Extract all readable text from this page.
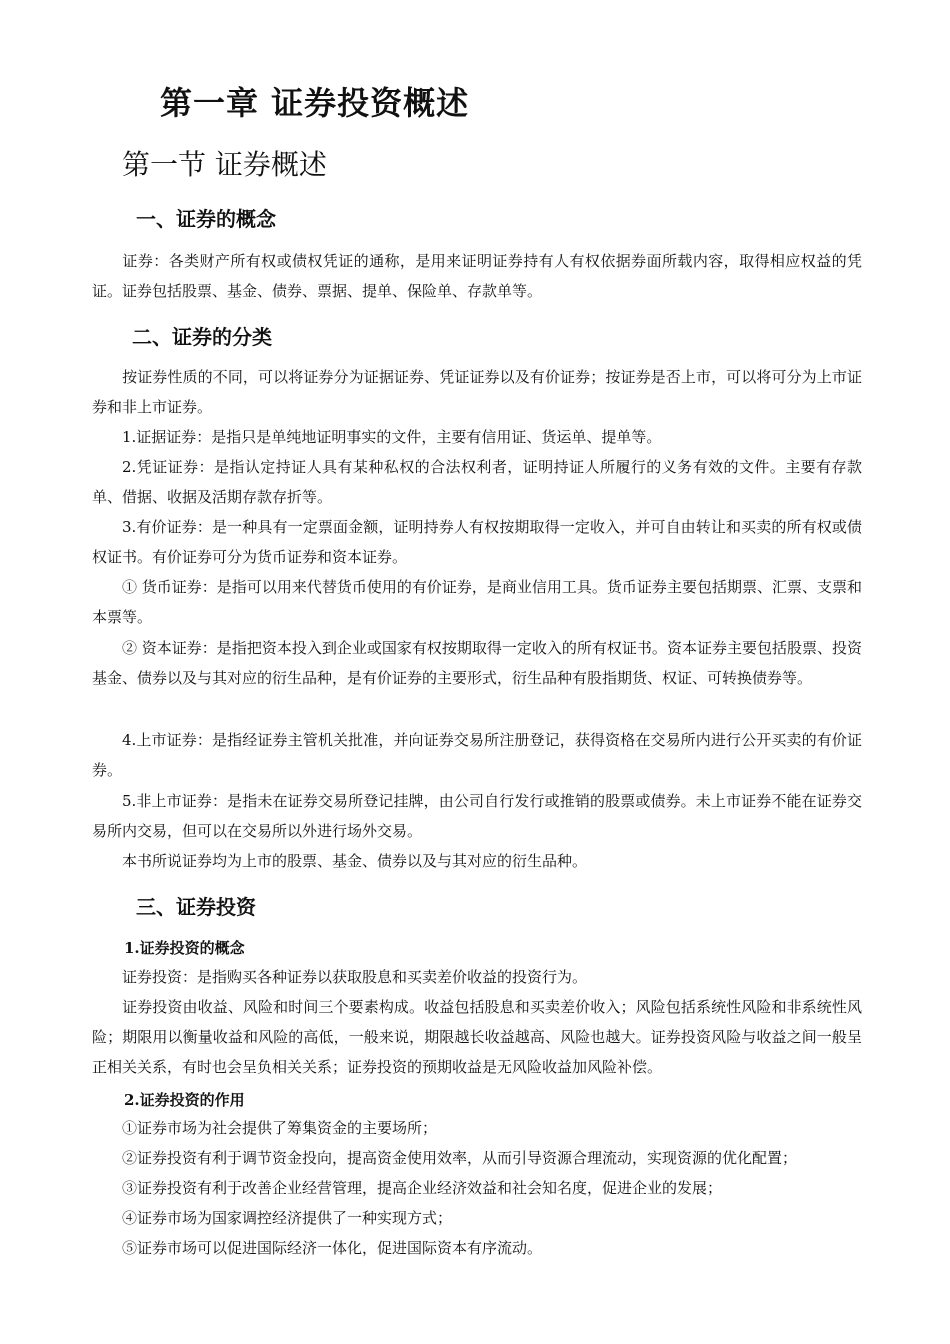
第一章 证券投资概述
第一节 证券概述
一、证券的概念

证券：各类财产所有权或债权凭证的通称，是用来证明证券持有人有权依据券面所载内容，取得相应权益的凭证。证券包括股票、基金、债券、票据、提单、保险单、存款单等。

二、证券的分类

按证券性质的不同，可以将证券分为证据证券、凭证证券以及有价证券；按证券是否上市，可以将可分为上市证券和非上市证券。

1.证据证券：是指只是单纯地证明事实的文件，主要有信用证、货运单、提单等。

2.凭证证券：是指认定持证人具有某种私权的合法权利者，证明持证人所履行的义务有效的文件。主要有存款单、借据、收据及活期存款存折等。

3.有价证券：是一种具有一定票面金额，证明持券人有权按期取得一定收入，并可自由转让和买卖的所有权或债权证书。有价证券可分为货币证券和资本证券。

① 货币证券：是指可以用来代替货币使用的有价证券，是商业信用工具。货币证券主要包括期票、汇票、支票和本票等。

② 资本证券：是指把资本投入到企业或国家有权按期取得一定收入的所有权证书。资本证券主要包括股票、投资基金、债券以及与其对应的衍生品种，是有价证券的主要形式，衍生品种有股指期货、权证、可转换债券等。

4.上市证券：是指经证券主管机关批准，并向证券交易所注册登记，获得资格在交易所内进行公开买卖的有价证券。

5.非上市证券：是指未在证券交易所登记挂牌，由公司自行发行或推销的股票或债券。未上市证券不能在证券交易所内交易，但可以在交易所以外进行场外交易。

本书所说证券均为上市的股票、基金、债券以及与其对应的衍生品种。

三、证券投资
1.证券投资的概念

证券投资：是指购买各种证券以获取股息和买卖差价收益的投资行为。

证券投资由收益、风险和时间三个要素构成。收益包括股息和买卖差价收入；风险包括系统性风险和非系统性风险；期限用以衡量收益和风险的高低，一般来说，期限越长收益越高、风险也越大。证券投资风险与收益之间一般呈正相关关系，有时也会呈负相关关系；证券投资的预期收益是无风险收益加风险补偿。

2.证券投资的作用

①证券市场为社会提供了筹集资金的主要场所；

②证券投资有利于调节资金投向，提高资金使用效率，从而引导资源合理流动，实现资源的优化配置；

③证券投资有利于改善企业经营管理，提高企业经济效益和社会知名度，促进企业的发展；

④证券市场为国家调控经济提供了一种实现方式；

⑤证券市场可以促进国际经济一体化，促进国际资本有序流动。
